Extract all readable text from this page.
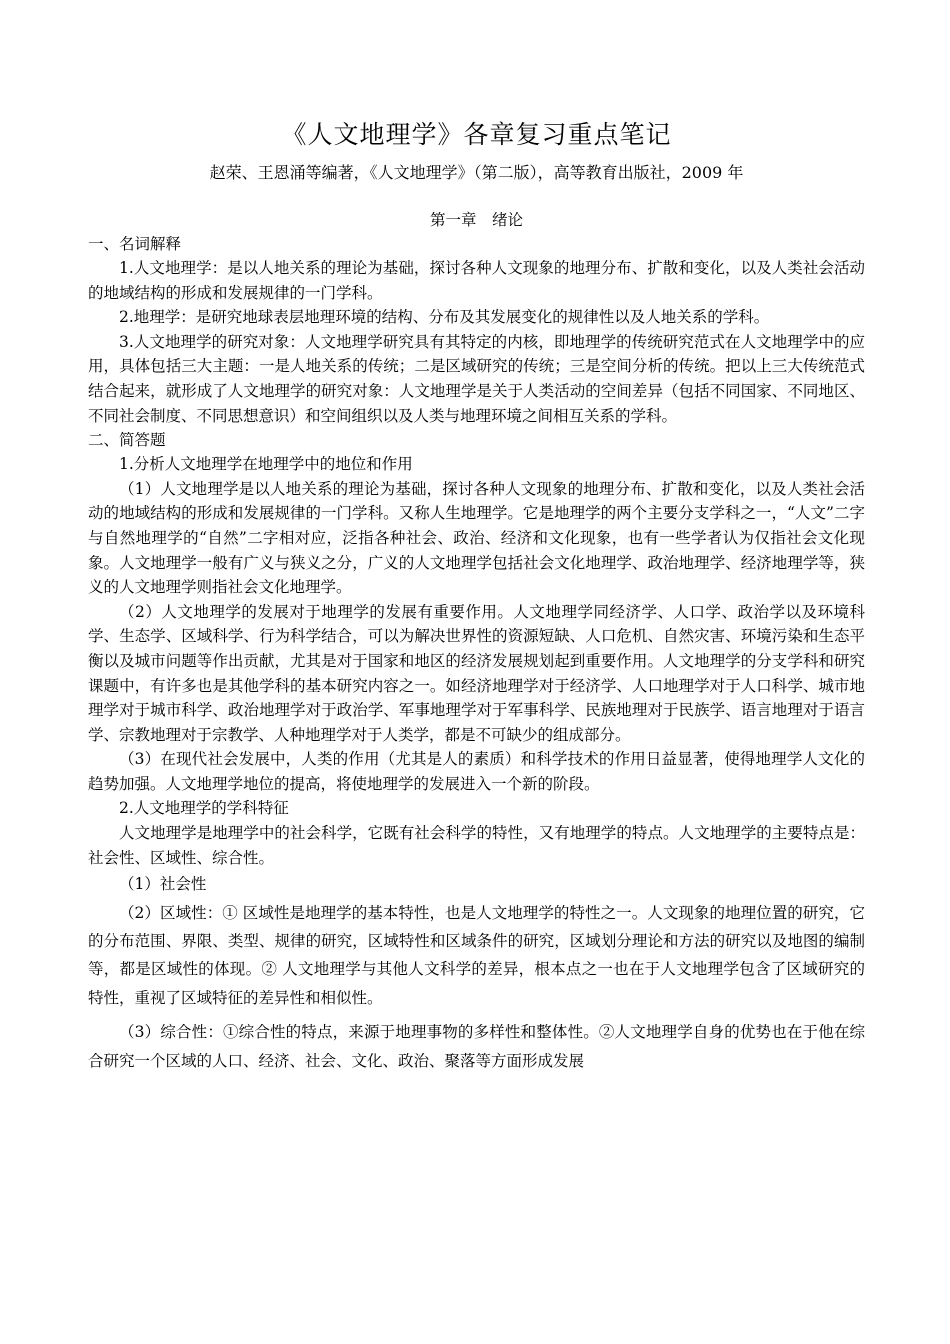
《人文地理学》各章复习重点笔记
赵荣、王恩涌等编著，《人文地理学》（第二版），高等教育出版社，2009 年
第一章　绪论
一、名词解释

1.人文地理学：是以人地关系的理论为基础，探讨各种人文现象的地理分布、扩散和变化，以及人类社会活动的地域结构的形成和发展规律的一门学科。

2.地理学：是研究地球表层地理环境的结构、分布及其发展变化的规律性以及人地关系的学科。

3.人文地理学的研究对象：人文地理学研究具有其特定的内核，即地理学的传统研究范式在人文地理学中的应用，具体包括三大主题：一是人地关系的传统；二是区域研究的传统；三是空间分析的传统。把以上三大传统范式结合起来，就形成了人文地理学的研究对象：人文地理学是关于人类活动的空间差异（包括不同国家、不同地区、不同社会制度、不同思想意识）和空间组织以及人类与地理环境之间相互关系的学科。

二、简答题

1.分析人文地理学在地理学中的地位和作用

（1）人文地理学是以人地关系的理论为基础，探讨各种人文现象的地理分布、扩散和变化，以及人类社会活动的地域结构的形成和发展规律的一门学科。又称人生地理学。它是地理学的两个主要分支学科之一，“人文”二字与自然地理学的“自然”二字相对应，泛指各种社会、政治、经济和文化现象，也有一些学者认为仅指社会文化现象。人文地理学一般有广义与狭义之分，广义的人文地理学包括社会文化地理学、政治地理学、经济地理学等，狭义的人文地理学则指社会文化地理学。

（2）人文地理学的发展对于地理学的发展有重要作用。人文地理学同经济学、人口学、政治学以及环境科学、生态学、区域科学、行为科学结合，可以为解决世界性的资源短缺、人口危机、自然灾害、环境污染和生态平衡以及城市问题等作出贡献，尤其是对于国家和地区的经济发展规划起到重要作用。人文地理学的分支学科和研究课题中，有许多也是其他学科的基本研究内容之一。如经济地理学对于经济学、人口地理学对于人口科学、城市地理学对于城市科学、政治地理学对于政治学、军事地理学对于军事科学、民族地理对于民族学、语言地理对于语言学、宗教地理对于宗教学、人种地理学对于人类学，都是不可缺少的组成部分。

（3）在现代社会发展中，人类的作用（尤其是人的素质）和科学技术的作用日益显著，使得地理学人文化的趋势加强。人文地理学地位的提高，将使地理学的发展进入一个新的阶段。

2.人文地理学的学科特征

人文地理学是地理学中的社会科学，它既有社会科学的特性，又有地理学的特点。人文地理学的主要特点是：社会性、区域性、综合性。

（1）社会性

（2）区域性：① 区域性是地理学的基本特性，也是人文地理学的特性之一。人文现象的地理位置的研究，它的分布范围、界限、类型、规律的研究，区域特性和区域条件的研究，区域划分理论和方法的研究以及地图的编制等，都是区域性的体现。② 人文地理学与其他人文科学的差异，根本点之一也在于人文地理学包含了区域研究的特性，重视了区域特征的差异性和相似性。

（3）综合性：①综合性的特点，来源于地理事物的多样性和整体性。②人文地理学自身的优势也在于他在综合研究一个区域的人口、经济、社会、文化、政治、聚落等方面形成发展
